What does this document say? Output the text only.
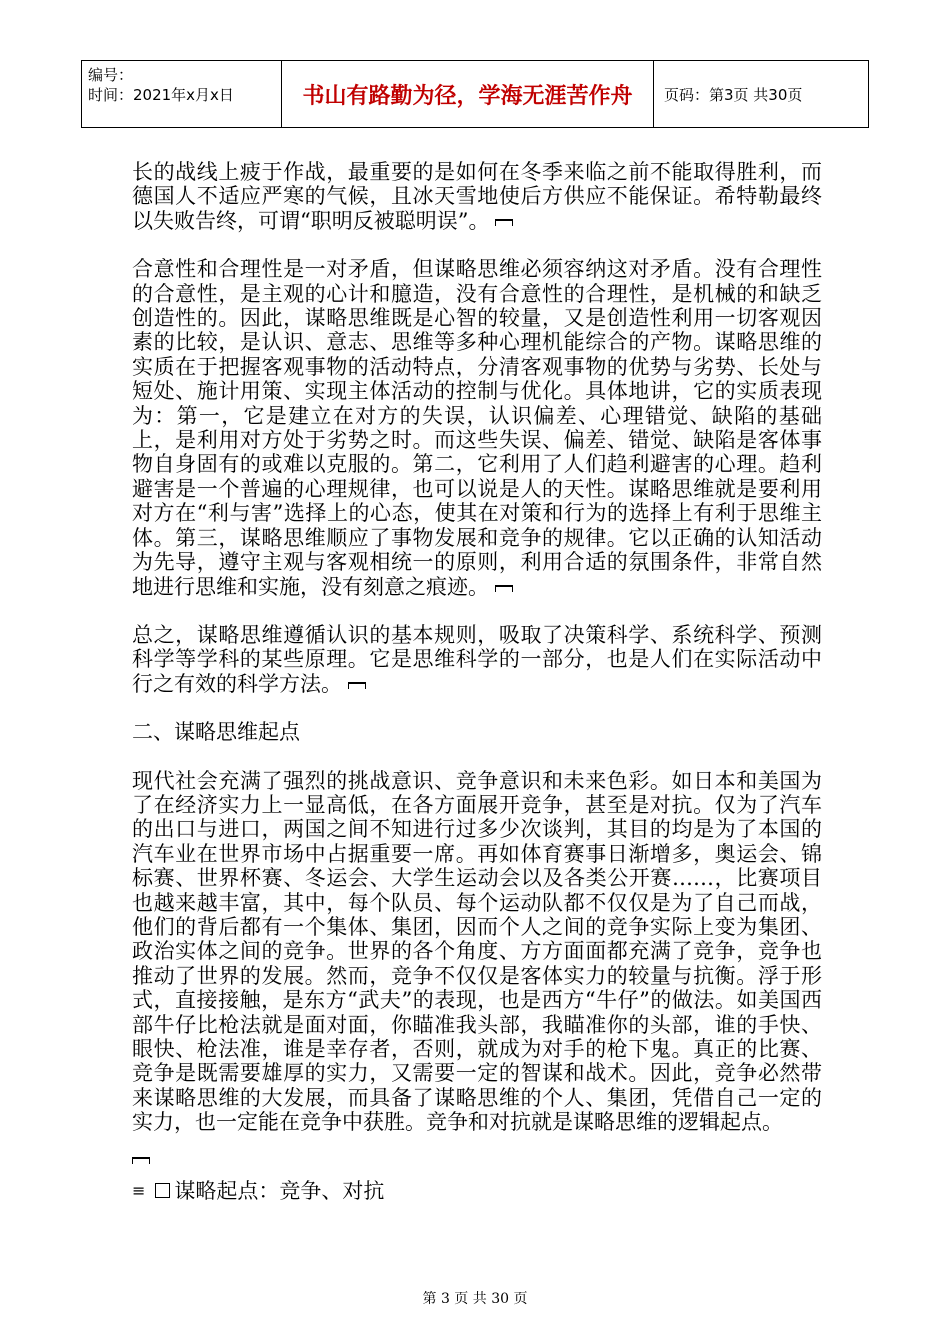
编号：
时间：2021年x月x日	书山有路勤为径，学海无涯苦作舟	页码：第3页 共30页

长的战线上疲于作战，最重要的是如何在冬季来临之前不能取得胜利，而德国人不适应严寒的气候，且冰天雪地使后方供应不能保证。希特勒最终以失败告终，可谓“职明反被聪明误”。

合意性和合理性是一对矛盾，但谋略思维必须容纳这对矛盾。没有合理性的合意性，是主观的心计和臆造，没有合意性的合理性，是机械的和缺乏创造性的。因此，谋略思维既是心智的较量，又是创造性利用一切客观因素的比较，是认识、意志、思维等多种心理机能综合的产物。谋略思维的实质在于把握客观事物的活动特点，分清客观事物的优势与劣势、长处与短处、施计用策、实现主体活动的控制与优化。具体地讲，它的实质表现为：第一，它是建立在对方的失误，认识偏差、心理错觉、缺陷的基础上，是利用对方处于劣势之时。而这些失误、偏差、错觉、缺陷是客体事物自身固有的或难以克服的。第二，它利用了人们趋利避害的心理。趋利避害是一个普遍的心理规律，也可以说是人的天性。谋略思维就是要利用对方在“利与害”选择上的心态，使其在对策和行为的选择上有利于思维主体。第三，谋略思维顺应了事物发展和竞争的规律。它以正确的认知活动为先导，遵守主观与客观相统一的原则，利用合适的氛围条件，非常自然地进行思维和实施，没有刻意之痕迹。

总之，谋略思维遵循认识的基本规则，吸取了决策科学、系统科学、预测科学等学科的某些原理。它是思维科学的一部分，也是人们在实际活动中行之有效的科学方法。

二、谋略思维起点

现代社会充满了强烈的挑战意识、竞争意识和未来色彩。如日本和美国为了在经济实力上一显高低，在各方面展开竞争，甚至是对抗。仅为了汽车的出口与进口，两国之间不知进行过多少次谈判，其目的均是为了本国的汽车业在世界市场中占据重要一席。再如体育赛事日渐增多，奥运会、锦标赛、世界杯赛、冬运会、大学生运动会以及各类公开赛……，比赛项目也越来越丰富，其中，每个队员、每个运动队都不仅仅是为了自己而战，他们的背后都有一个集体、集团，因而个人之间的竞争实际上变为集团、政治实体之间的竞争。世界的各个角度、方方面面都充满了竞争，竞争也推动了世界的发展。然而，竞争不仅仅是客体实力的较量与抗衡。浮于形式，直接接触，是东方“武夫”的表现，也是西方“牛仔”的做法。如美国西部牛仔比枪法就是面对面，你瞄准我头部，我瞄准你的头部，谁的手快、眼快、枪法准，谁是幸存者，否则，就成为对手的枪下鬼。真正的比赛、竞争是既需要雄厚的实力，又需要一定的智谋和战术。因此，竞争必然带来谋略思维的大发展，而具备了谋略思维的个人、集团，凭借自己一定的实力，也一定能在竞争中获胜。竞争和对抗就是谋略思维的逻辑起点。

≡ 谋略起点：竞争、对抗
第 3 页 共 30 页
